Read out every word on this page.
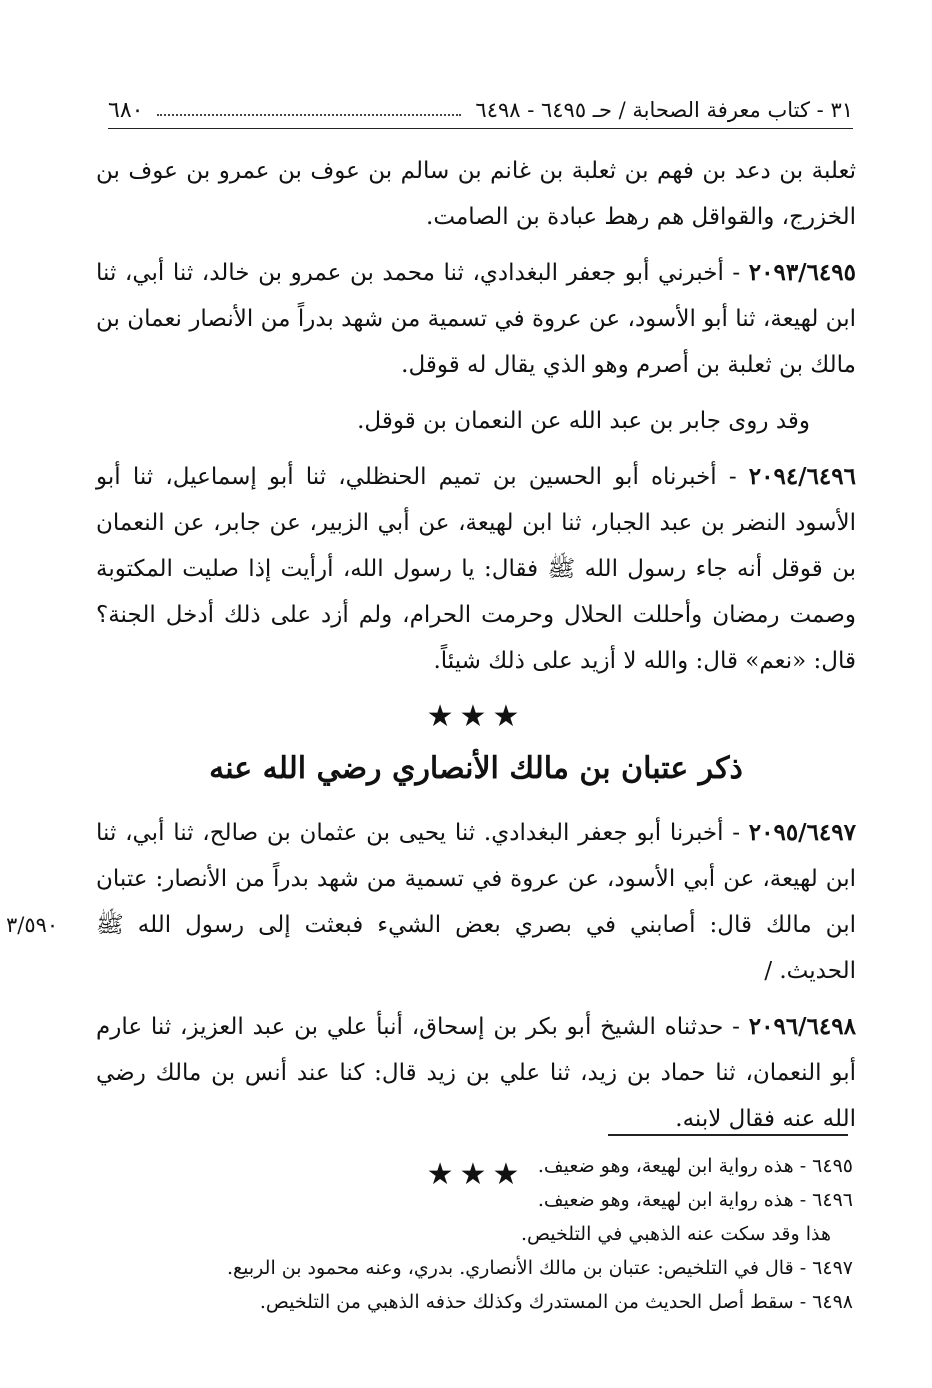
٦٨٠	٣١ - كتاب معرفة الصحابة / حـ ٦٤٩٥ - ٦٤٩٨

ثعلبة بن دعد بن فهم بن ثعلبة بن غانم بن سالم بن عوف بن عمرو بن عوف بن الخزرج، والقواقل هم رهط عبادة بن الصامت.

٢٠٩٣/٦٤٩٥ - أخبرني أبو جعفر البغدادي، ثنا محمد بن عمرو بن خالد، ثنا أبي، ثنا ابن لهيعة، ثنا أبو الأسود، عن عروة في تسمية من شهد بدراً من الأنصار نعمان بن مالك بن ثعلبة بن أصرم وهو الذي يقال له قوقل.

وقد روى جابر بن عبد الله عن النعمان بن قوقل.

٢٠٩٤/٦٤٩٦ - أخبرناه أبو الحسين بن تميم الحنظلي، ثنا أبو إسماعيل، ثنا أبو الأسود النضر بن عبد الجبار، ثنا ابن لهيعة، عن أبي الزبير، عن جابر، عن النعمان بن قوقل أنه جاء رسول الله ﷺ فقال: يا رسول الله، أرأيت إذا صليت المكتوبة وصمت رمضان وأحللت الحلال وحرمت الحرام، ولم أزد على ذلك أدخل الجنة؟ قال: «نعم» قال: والله لا أزيد على ذلك شيئاً.

★★★
ذكر عتبان بن مالك الأنصاري رضي الله عنه

٣/٥٩٠
٢٠٩٥/٦٤٩٧ - أخبرنا أبو جعفر البغدادي. ثنا يحيى بن عثمان بن صالح، ثنا أبي، ثنا ابن لهيعة، عن أبي الأسود، عن عروة في تسمية من شهد بدراً من الأنصار: عتبان ابن مالك قال: أصابني في بصري بعض الشيء فبعثت إلى رسول الله ﷺ الحديث. /

٢٠٩٦/٦٤٩٨ - حدثناه الشيخ أبو بكر بن إسحاق، أنبأ علي بن عبد العزيز، ثنا عارم أبو النعمان، ثنا حماد بن زيد، ثنا علي بن زيد قال: كنا عند أنس بن مالك رضي الله عنه فقال لابنه.

★★★ ٦٤٩٥ - هذه رواية ابن لهيعة، وهو ضعيف.

٦٤٩٦ - هذه رواية ابن لهيعة، وهو ضعيف.

هذا وقد سكت عنه الذهبي في التلخيص.

٦٤٩٧ - قال في التلخيص: عتبان بن مالك الأنصاري. بدري، وعنه محمود بن الربيع.

٦٤٩٨ - سقط أصل الحديث من المستدرك وكذلك حذفه الذهبي من التلخيص.
